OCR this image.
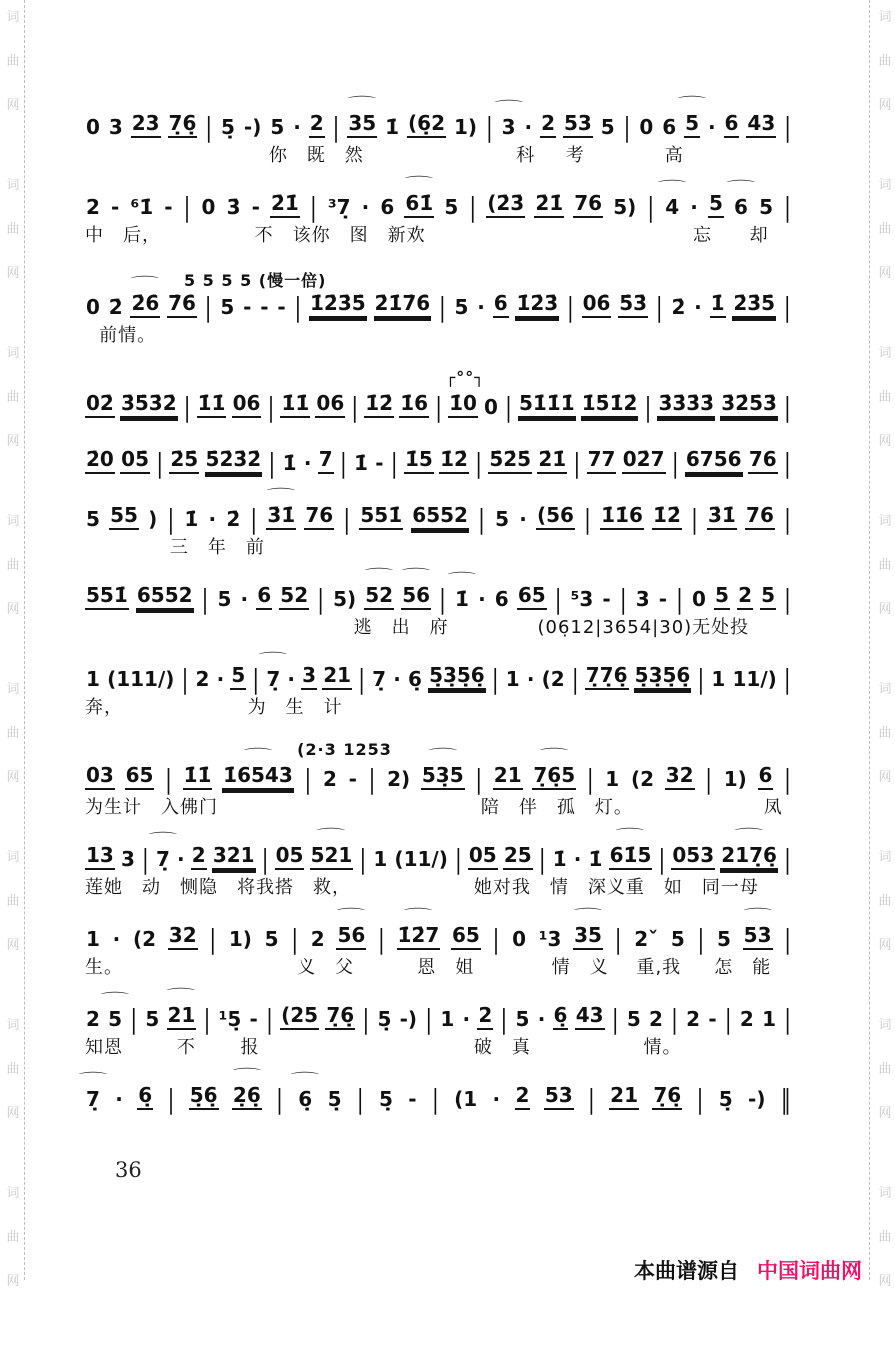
词
曲
网
词
曲
网
词
曲
网
词
曲
网
词
曲
网
词
曲
网
词
曲
网
词
曲
网
词
曲
网
词
曲
网
词
曲
网
词
曲
网
词
曲
网
词
曲
网
词
曲
网
词
曲
网
0 3 23 7̣6̣ | 5̣ -) 5 · 2 | 35
⌒
1̇ (6̣2 1) | 3
⌒
· 2 53 5 | 0 6 5
⌒
· 6 43 |
你　既　然	科 考	高
2 - ⁶1̇ - | 0 3̇ - 2̇1̇ | ³7̣ · 6 61̇
⌒
5 | (2̇3̇ 2̇1̇ 76 5) | 4
⌒
· 5 6
⌒
5 |
中　后，	不　该你　图　新欢	忘 却
5 5 5 5 (慢一倍)
0 2̇ 2̇6̇
⌒
7̇6̇ | 5 - - - | 1̇2̇3̇5̇ 2̇1̇7̇6̇ | 5 · 6 1̇2̇3̇ | 06̇ 5̇3̇ | 2̇ · 1̇ 2̇3̇5̇ |
前情。
┌°°┐
02̇ 3̇5̇3̇2̇ | 1̇1̇ 06 | 1̇1̇ 06 | 1̇2̇ 1̇6 | 1̇0 0 | 51̇1̇1̇ 1̇5̇1̇2̇ | 3̇3̇3̇3̇ 3̇2̇5̇3̇ |
2̇0 05̇ | 2̇5̇ 5̇2̇3̇2̇ | 1̇ · 7 | 1̇ - | 1̇5 1̇2̇ | 5̇2̇5̇ 2̇1̇ | 77 02̇7 | 6756 76 |
5 55 ) | 1̇ · 2̇ | 3̇1̇
⌒
76 | 551̇ 6552 | 5 · (56 | 1̇1̇6 1̇2̇ | 3̇1̇ 76 |
三　年　前
551̇ 6552 | 5 · 6 52 | 5) 52
⌒
56
⌒
| 1̇
⌒
· 6 65 | ⁵3 - | 3 - | 0 5 2 5 |
逃　出　府	(06̣12|3654|30)无处投
1 (111/) | 2 · 5 | 7̣
⌒
· 3 21 | 7̣ · 6̣ 5̣3̣5̣6̣ | 1 · (2 | 7̣7̣6̣ 5̣3̣5̣6̣ | 1 11/) |
奔，	为　生　计
(2·3 1253
03 65 | 1̇1̇ 1̇6543
⌒
| 2 - | 2) 53̣5
⌒
| 21 7̣6̣5
⌒
| 1 (2 32 | 1) 6 |
为生计　入佛门	陪　伴　孤　灯。	凤
13 3 | 7̣
⌒
· 2 321 | 05 521
⌒
| 1 (11/) | 05 25 | 1̇ · 1̇ 61̇5
⌒
| 053 217̣6̣
⌒
|
莲她　动　恻隐　将我搭　救，	她对我　情　深义重　如　同一母
1 · (2 32 | 1) 5 | 2 56
⌒
| 1̇2̇7
⌒
65 | 0 ¹3 35
⌒
| 2ˇ 5 | 5 53
⌒
|
生。	义　父	恩　姐	情　义 重,我 怎　能
2 5
⌒
| 5 21
⌒
| ¹5̣ - | (25 7̣6̣ | 5̣ -) | 1 · 2 | 5 · 6̣ 43 | 5 2 | 2 - | 2 1 |
知恩	不 报	破　真	情。
7̣
⌒
· 6̣ | 5̣6̣ 2̣6̣
⌒
| 6̣
⌒
5̣ | 5̣ - | (1 · 2 53 | 21 7̣6̣ | 5̣ -) ‖
36

本曲谱源自 中国词曲网
